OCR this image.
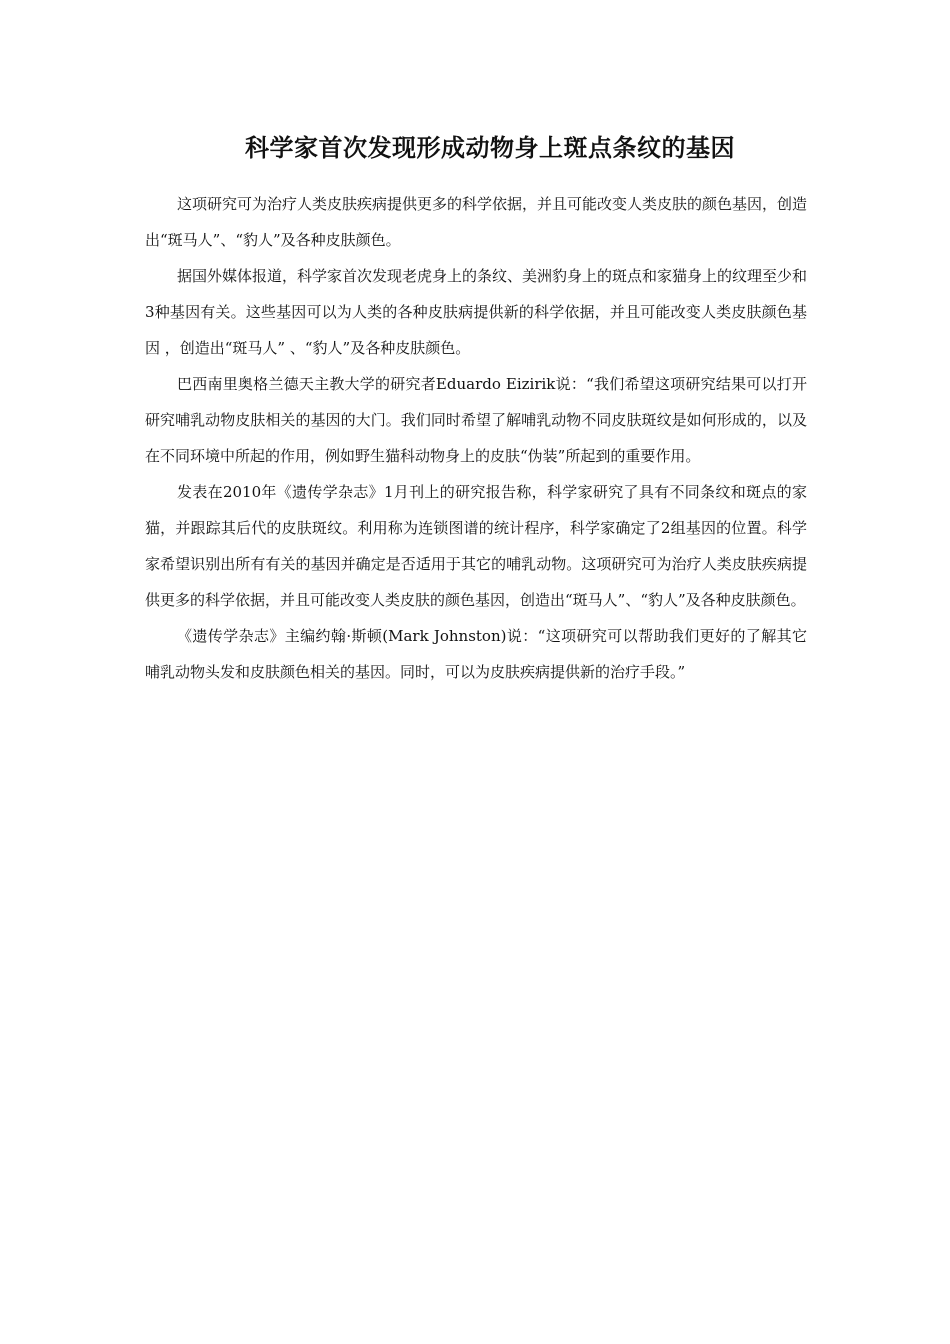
科学家首次发现形成动物身上斑点条纹的基因

这项研究可为治疗人类皮肤疾病提供更多的科学依据，并且可能改变人类皮肤的颜色基因，创造出“斑马人”、“豹人”及各种皮肤颜色。

据国外媒体报道，科学家首次发现老虎身上的条纹、美洲豹身上的斑点和家猫身上的纹理至少和3种基因有关。这些基因可以为人类的各种皮肤病提供新的科学依据，并且可能改变人类皮肤颜色基因 ，创造出“斑马人” 、“豹人”及各种皮肤颜色。

巴西南里奥格兰德天主教大学的研究者Eduardo Eizirik说：“我们希望这项研究结果可以打开研究哺乳动物皮肤相关的基因的大门。我们同时希望了解哺乳动物不同皮肤斑纹是如何形成的，以及在不同环境中所起的作用，例如野生猫科动物身上的皮肤“伪装”所起到的重要作用。

发表在2010年《遗传学杂志》1月刊上的研究报告称，科学家研究了具有不同条纹和斑点的家猫，并跟踪其后代的皮肤斑纹。利用称为连锁图谱的统计程序，科学家确定了2组基因的位置。科学家希望识别出所有有关的基因并确定是否适用于其它的哺乳动物。这项研究可为治疗人类皮肤疾病提供更多的科学依据，并且可能改变人类皮肤的颜色基因，创造出“斑马人”、“豹人”及各种皮肤颜色。

《遗传学杂志》主编约翰·斯顿(Mark Johnston)说：“这项研究可以帮助我们更好的了解其它哺乳动物头发和皮肤颜色相关的基因。同时，可以为皮肤疾病提供新的治疗手段。”
